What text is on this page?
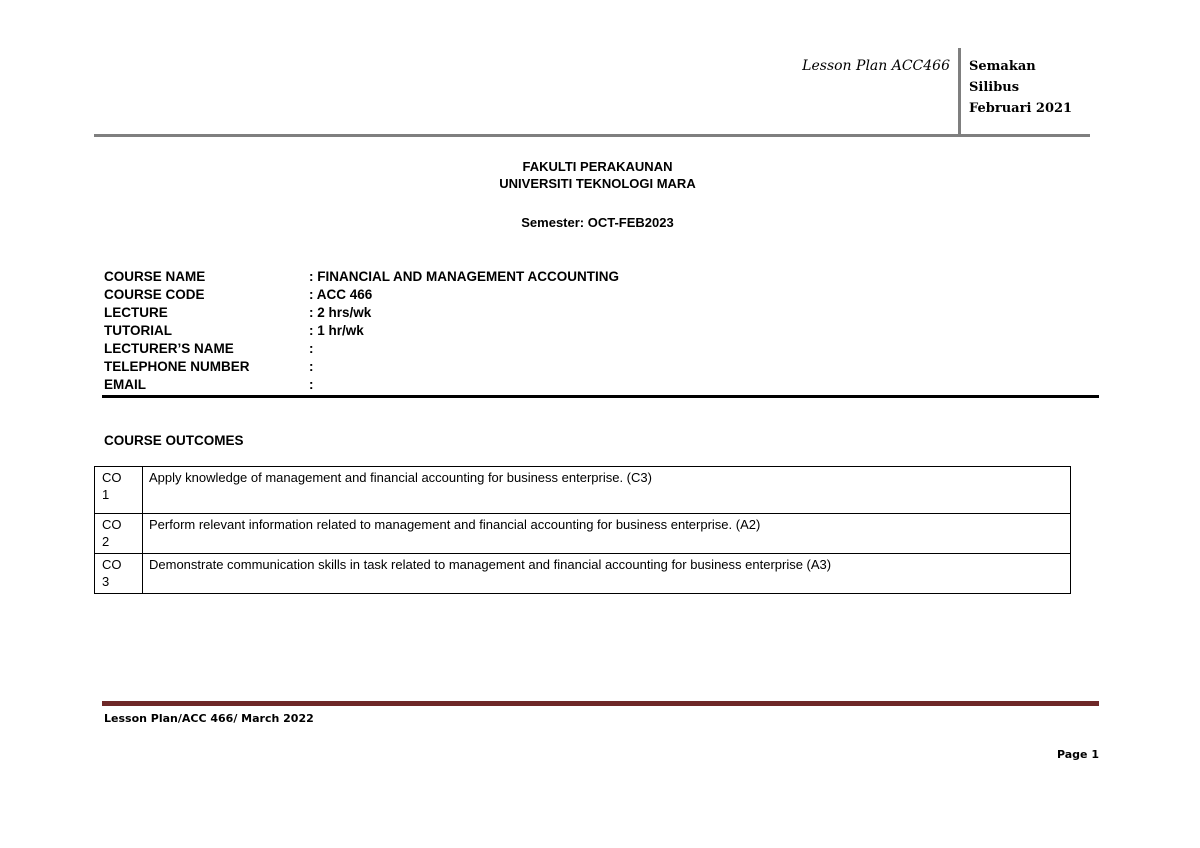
Lesson Plan ACC466 Semakan
Silibus
Februari 2021
FAKULTI PERAKAUNAN
UNIVERSITI TEKNOLOGI MARA
Semester: OCT-FEB2023
COURSE NAME	: FINANCIAL AND MANAGEMENT ACCOUNTING
COURSE CODE	: ACC 466
LECTURE	: 2 hrs/wk
TUTORIAL	: 1 hr/wk
LECTURER’S NAME	:
TELEPHONE NUMBER	:
EMAIL	:
COURSE OUTCOMES
CO
1	Apply knowledge of management and financial accounting for business enterprise. (C3)

CO
2	Perform relevant information related to management and financial accounting for business enterprise. (A2)

CO
3	Demonstrate communication skills in task related to management and financial accounting for business enterprise (A3)
Lesson Plan/ACC 466/ March 2022
Page 1
